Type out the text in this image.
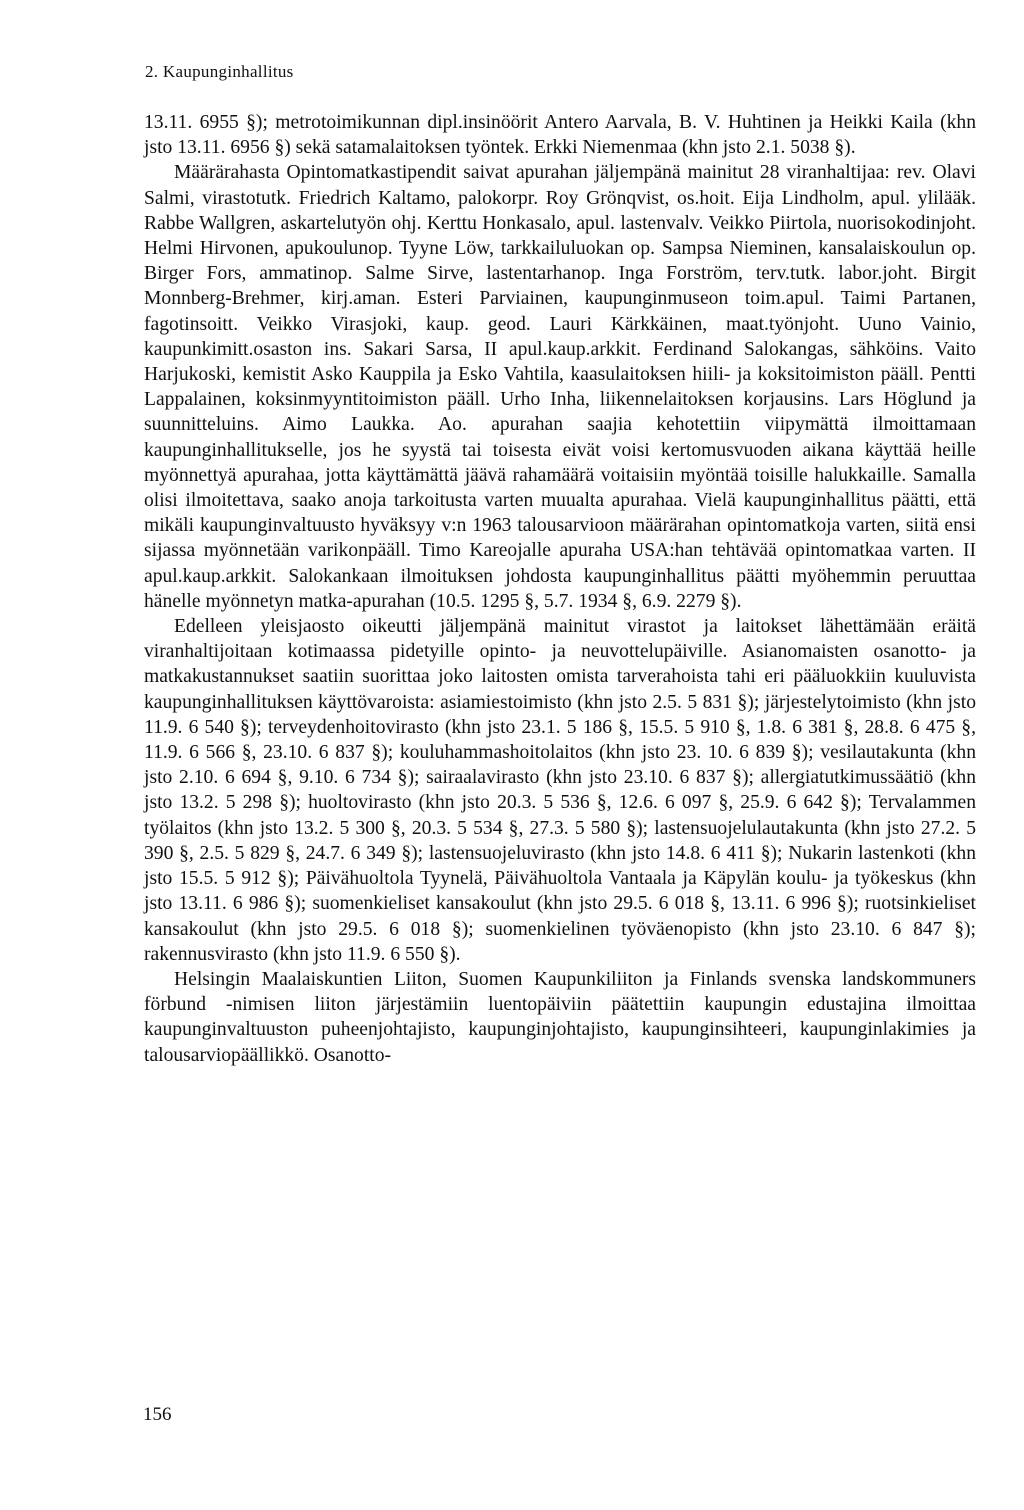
2. Kaupunginhallitus

13.11. 6955 §); metrotoimikunnan dipl.insinöörit Antero Aarvala, B. V. Huhtinen ja Heikki Kaila (khn jsto 13.11. 6956 §) sekä satamalaitoksen työntek. Erkki Niemenmaa (khn jsto 2.1. 5038 §).

Määrärahasta Opintomatkastipendit saivat apurahan jäljempänä mainitut 28 viranhaltijaa: rev. Olavi Salmi, virastotutk. Friedrich Kaltamo, palokorpr. Roy Grönqvist, os.hoit. Eija Lindholm, apul. ylilääk. Rabbe Wallgren, askartelutyön ohj. Kerttu Honkasalo, apul. lastenvalv. Veikko Piirtola, nuorisokodinjoht. Helmi Hirvonen, apukoulunop. Tyyne Löw, tarkkailuluokan op. Sampsa Nieminen, kansalaiskoulun op. Birger Fors, ammatinop. Salme Sirve, lastentarhanop. Inga Forström, terv.tutk. labor.joht. Birgit Monnberg-Brehmer, kirj.aman. Esteri Parviainen, kaupunginmuseon toim.apul. Taimi Partanen, fagotinsoitt. Veikko Virasjoki, kaup. geod. Lauri Kärkkäinen, maat.työnjoht. Uuno Vainio, kaupunkimitt.osaston ins. Sakari Sarsa, II apul.kaup.arkkit. Ferdinand Salokangas, sähköins. Vaito Harjukoski, kemistit Asko Kauppila ja Esko Vahtila, kaasulaitoksen hiili- ja koksitoimiston pääll. Pentti Lappalainen, koksinmyyntitoimiston pääll. Urho Inha, liikennelaitoksen korjausins. Lars Höglund ja suunnitteluins. Aimo Laukka. Ao. apurahan saajia kehotettiin viipymättä ilmoittamaan kaupunginhallitukselle, jos he syystä tai toisesta eivät voisi kertomusvuoden aikana käyttää heille myönnettyä apurahaa, jotta käyttämättä jäävä rahamäärä voitaisiin myöntää toisille halukkaille. Samalla olisi ilmoitettava, saako anoja tarkoitusta varten muualta apurahaa. Vielä kaupunginhallitus päätti, että mikäli kaupunginvaltuusto hyväksyy v:n 1963 talousarvioon määrärahan opintomatkoja varten, siitä ensi sijassa myönnetään varikonpääll. Timo Kareojalle apuraha USA:han tehtävää opintomatkaa varten. II apul.kaup.arkkit. Salokankaan ilmoituksen johdosta kaupunginhallitus päätti myöhemmin peruuttaa hänelle myönnetyn matka-apurahan (10.5. 1295 §, 5.7. 1934 §, 6.9. 2279 §).

Edelleen yleisjaosto oikeutti jäljempänä mainitut virastot ja laitokset lähettämään eräitä viranhaltijoitaan kotimaassa pidetyille opinto- ja neuvottelupäiville. Asianomaisten osanotto- ja matkakustannukset saatiin suorittaa joko laitosten omista tarverahoista tahi eri pääluokkiin kuuluvista kaupunginhallituksen käyttövaroista: asiamiestoimisto (khn jsto 2.5. 5 831 §); järjestelytoimisto (khn jsto 11.9. 6 540 §); terveydenhoitovirasto (khn jsto 23.1. 5 186 §, 15.5. 5 910 §, 1.8. 6 381 §, 28.8. 6 475 §, 11.9. 6 566 §, 23.10. 6 837 §); kouluhammashoitolaitos (khn jsto 23. 10. 6 839 §); vesilautakunta (khn jsto 2.10. 6 694 §, 9.10. 6 734 §); sairaalavirasto (khn jsto 23.10. 6 837 §); allergiatutkimussäätiö (khn jsto 13.2. 5 298 §); huoltovirasto (khn jsto 20.3. 5 536 §, 12.6. 6 097 §, 25.9. 6 642 §); Tervalammen työlaitos (khn jsto 13.2. 5 300 §, 20.3. 5 534 §, 27.3. 5 580 §); lastensuojelulautakunta (khn jsto 27.2. 5 390 §, 2.5. 5 829 §, 24.7. 6 349 §); lastensuojeluvirasto (khn jsto 14.8. 6 411 §); Nukarin lastenkoti (khn jsto 15.5. 5 912 §); Päivähuoltola Tyynelä, Päivähuoltola Vantaala ja Käpylän koulu- ja työkeskus (khn jsto 13.11. 6 986 §); suomenkieliset kansakoulut (khn jsto 29.5. 6 018 §, 13.11. 6 996 §); ruotsinkieliset kansakoulut (khn jsto 29.5. 6 018 §); suomenkielinen työväenopisto (khn jsto 23.10. 6 847 §); rakennusvirasto (khn jsto 11.9. 6 550 §).

Helsingin Maalaiskuntien Liiton, Suomen Kaupunkiliiton ja Finlands svenska landskommuners förbund -nimisen liiton järjestämiin luentopäiviin päätettiin kaupungin edustajina ilmoittaa kaupunginvaltuuston puheenjohtajisto, kaupunginjohtajisto, kaupunginsihteeri, kaupunginlakimies ja talousarviopäällikkö. Osanotto-

156
